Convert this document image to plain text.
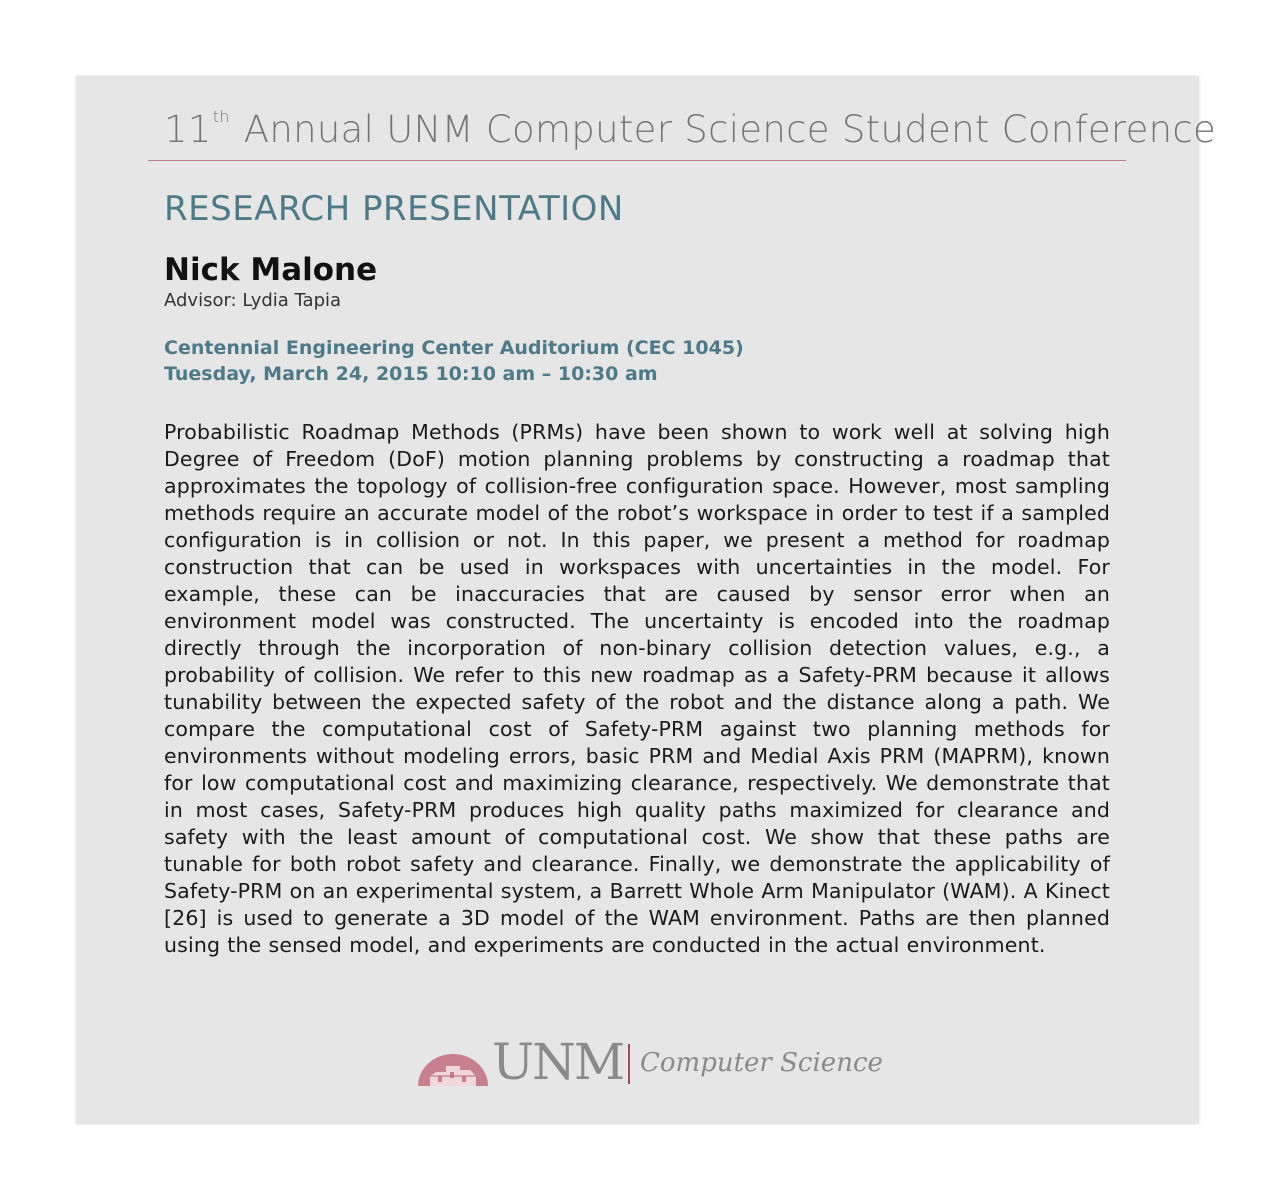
11th Annual UNM Computer Science Student Conference
RESEARCH PRESENTATION
Nick Malone
Advisor: Lydia Tapia
Centennial Engineering Center Auditorium (CEC 1045)
Tuesday, March 24, 2015 10:10 am – 10:30 am
Probabilistic Roadmap Methods (PRMs) have been shown to work well at solving high Degree of Freedom (DoF) motion planning problems by constructing a roadmap that approximates the topology of collision-free configuration space. However, most sampling methods require an accurate model of the robot’s workspace in order to test if a sampled configuration is in collision or not. In this paper, we present a method for roadmap construction that can be used in workspaces with uncertainties in the model. For example, these can be inaccuracies that are caused by sensor error when an environment model was constructed. The uncertainty is encoded into the roadmap directly through the incorporation of non-binary collision detection values, e.g., a probability of collision. We refer to this new roadmap as a Safety-PRM because it allows tunability between the expected safety of the robot and the distance along a path. We compare the computational cost of Safety-PRM against two planning methods for environments without modeling errors, basic PRM and Medial Axis PRM (MAPRM), known for low computational cost and maximizing clearance, respectively. We demonstrate that in most cases, Safety-PRM produces high quality paths maximized for clearance and safety with the least amount of computational cost. We show that these paths are tunable for both robot safety and clearance. Finally, we demonstrate the applicability of Safety-PRM on an experimental system, a Barrett Whole Arm Manipulator (WAM). A Kinect [26] is used to generate a 3D model of the WAM environment. Paths are then planned using the sensed model, and experiments are conducted in the actual environment.
UNM Computer Science
